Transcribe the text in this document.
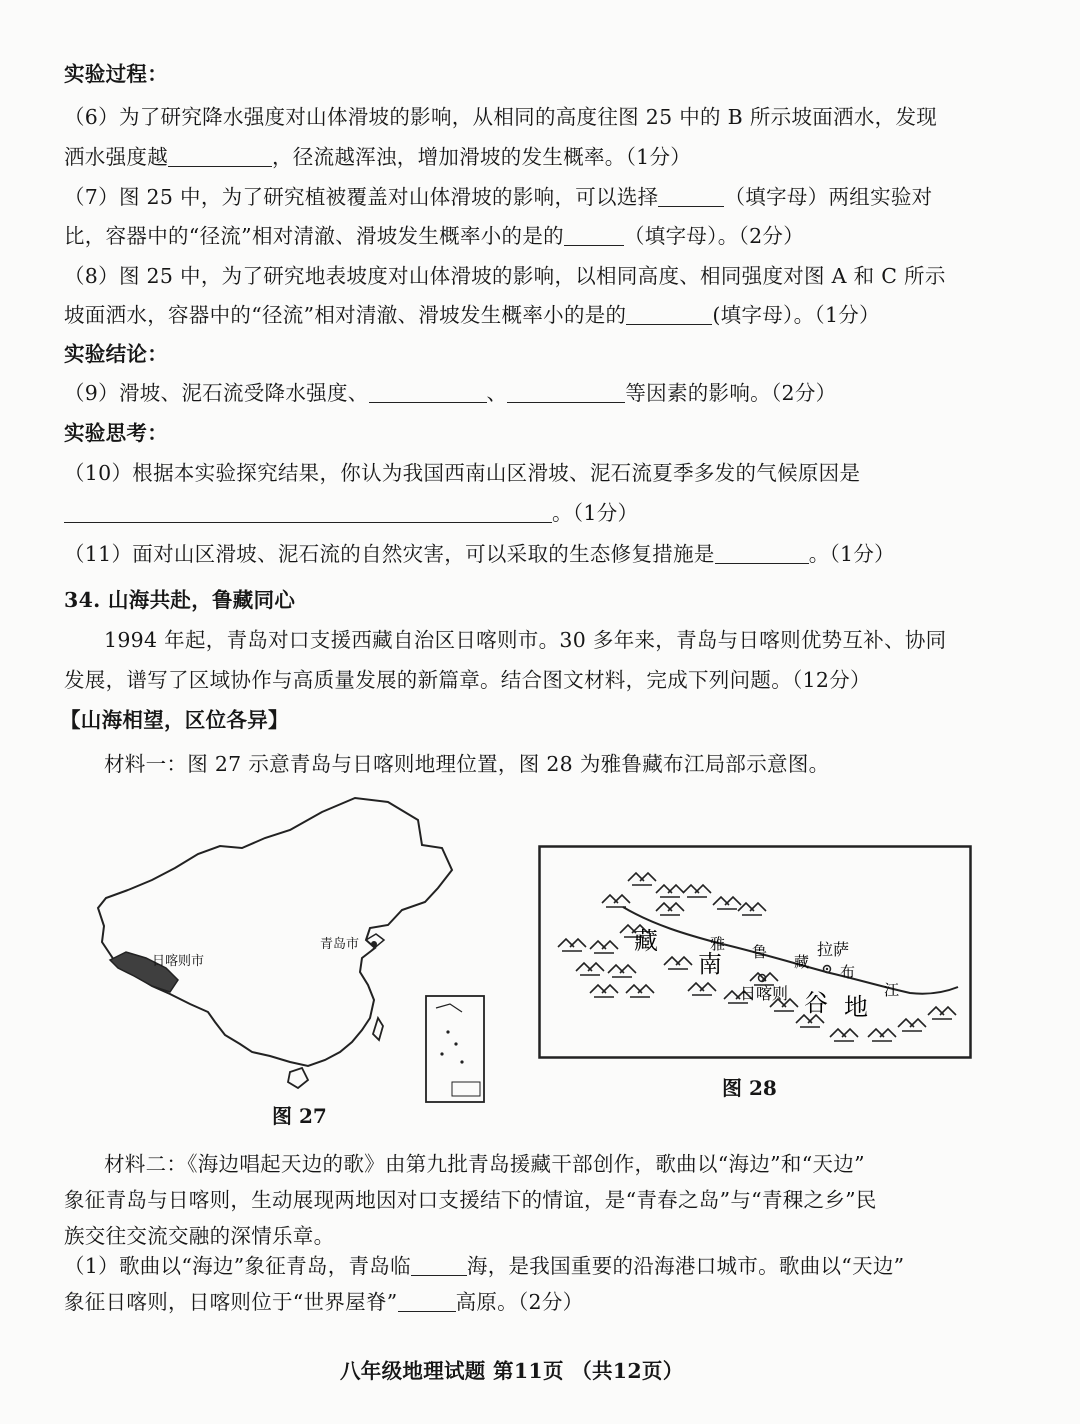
实验过程：
（6）为了研究降水强度对山体滑坡的影响，从相同的高度往图 25 中的 B 所示坡面洒水，发现
洒水强度越	，径流越浑浊，增加滑坡的发生概率。（1分）
（7）图 25 中，为了研究植被覆盖对山体滑坡的影响，可以选择	（填字母）两组实验对
比，容器中的“径流”相对清澈、滑坡发生概率小的是的	（填字母）。（2分）
（8）图 25 中，为了研究地表坡度对山体滑坡的影响，以相同高度、相同强度对图 A 和 C 所示
坡面洒水，容器中的“径流”相对清澈、滑坡发生概率小的是的	(填字母）。（1分）
实验结论：
（9）滑坡、泥石流受降水强度、	、	等因素的影响。（2分）
实验思考：
（10）根据本实验探究结果，你认为我国西南山区滑坡、泥石流夏季多发的气候原因是
。（1分）
（11）面对山区滑坡、泥石流的自然灾害，可以采取的生态修复措施是	。（1分）
34. 山海共赴，鲁藏同心
1994 年起，青岛对口支援西藏自治区日喀则市。30 多年来，青岛与日喀则优势互补、协同
发展，谱写了区域协作与高质量发展的新篇章。结合图文材料，完成下列问题。（12分）
【山海相望，区位各异】
材料一：图 27 示意青岛与日喀则地理位置，图 28 为雅鲁藏布江局部示意图。
日喀则市
青岛市
图 27
藏
南
谷 地
雅 鲁
藏
布
江
拉萨
日喀则
图 28
材料二：《海边唱起天边的歌》由第九批青岛援藏干部创作，歌曲以“海边”和“天边”
象征青岛与日喀则，生动展现两地因对口支援结下的情谊，是“青春之岛”与“青稞之乡”民
族交往交流交融的深情乐章。
（1）歌曲以“海边”象征青岛，青岛临	海，是我国重要的沿海港口城市。歌曲以“天边”
象征日喀则，日喀则位于“世界屋脊”	高原。（2分）
八年级地理试题 第11页 （共12页）
